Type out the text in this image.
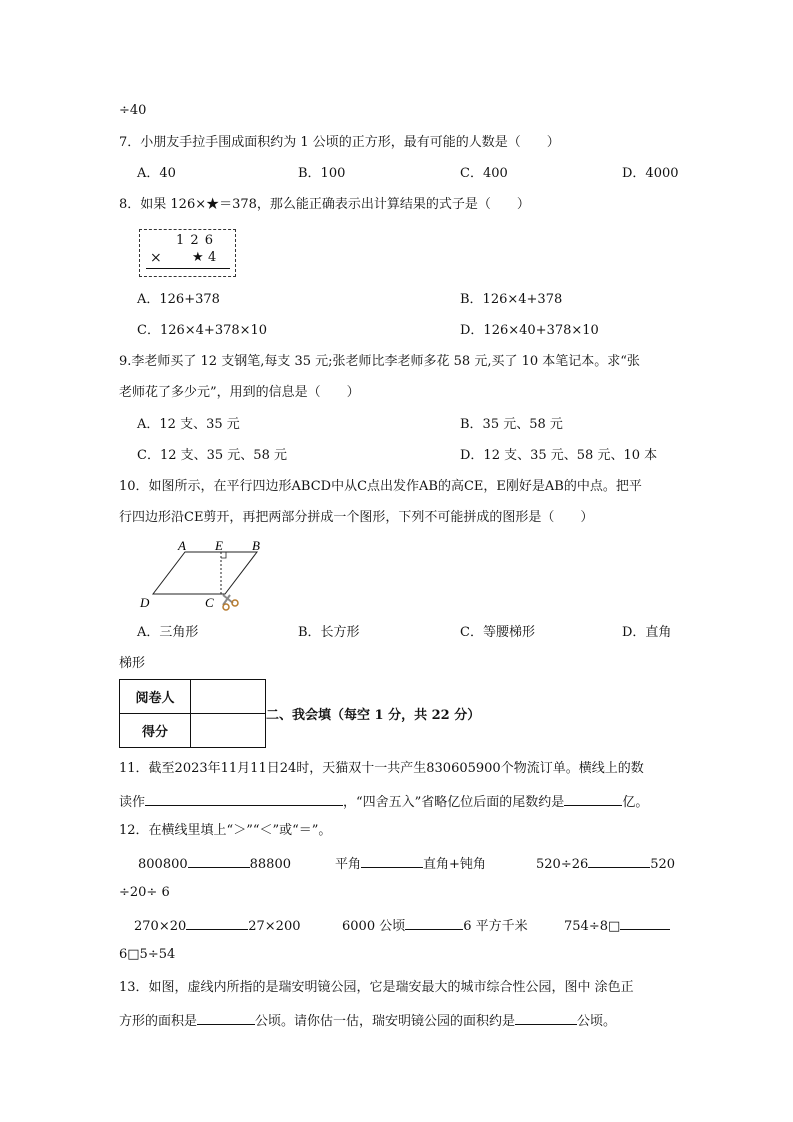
÷40
7．小朋友手拉手围成面积约为 1 公顷的正方形，最有可能的人数是（　　）
A．40	B．100	C．400	D．4000
8．如果 126×★＝378，那么能正确表示出计算结果的式子是（　　）
1 2 6
× ★ 4
A．126+378	B．126×4+378
C．126×4+378×10	D．126×40+378×10
9.李老师买了 12 支钢笔,每支 35 元;张老师比李老师多花 58 元,买了 10 本笔记本。求“张
老师花了多少元”，用到的信息是（　　）
A．12 支、35 元	B．35 元、58 元
C．12 支、35 元、58 元	D．12 支、35 元、58 元、10 本
10．如图所示，在平行四边形ABCD中从C点出发作AB的高CE，E刚好是AB的中点。把平
行四边形沿CE剪开，再把两部分拼成一个图形，下列不可能拼成的图形是（　　）
A E B
D	C
A．三角形	B．长方形	C．等腰梯形	D．直角
梯形
阅卷人	
得分	
二、我会填（每空 1 分，共 22 分）
11．截至2023年11月11日24时，天猫双十一共产生830605900个物流订单。横线上的数
读作	，“四舍五入”省略亿位后面的尾数约是	亿。
12．在横线里填上“＞”“＜”或“＝”。
800800	88800	平角	直角+钝角	520÷26	520
÷20÷ 6
270×20	27×200	6000 公顷	6 平方千米	754÷8□
6□5÷54
13．如图，虚线内所指的是瑞安明镜公园，它是瑞安最大的城市综合性公园，图中 涂色正
方形的面积是	公顷。请你估一估，瑞安明镜公园的面积约是	公顷。
